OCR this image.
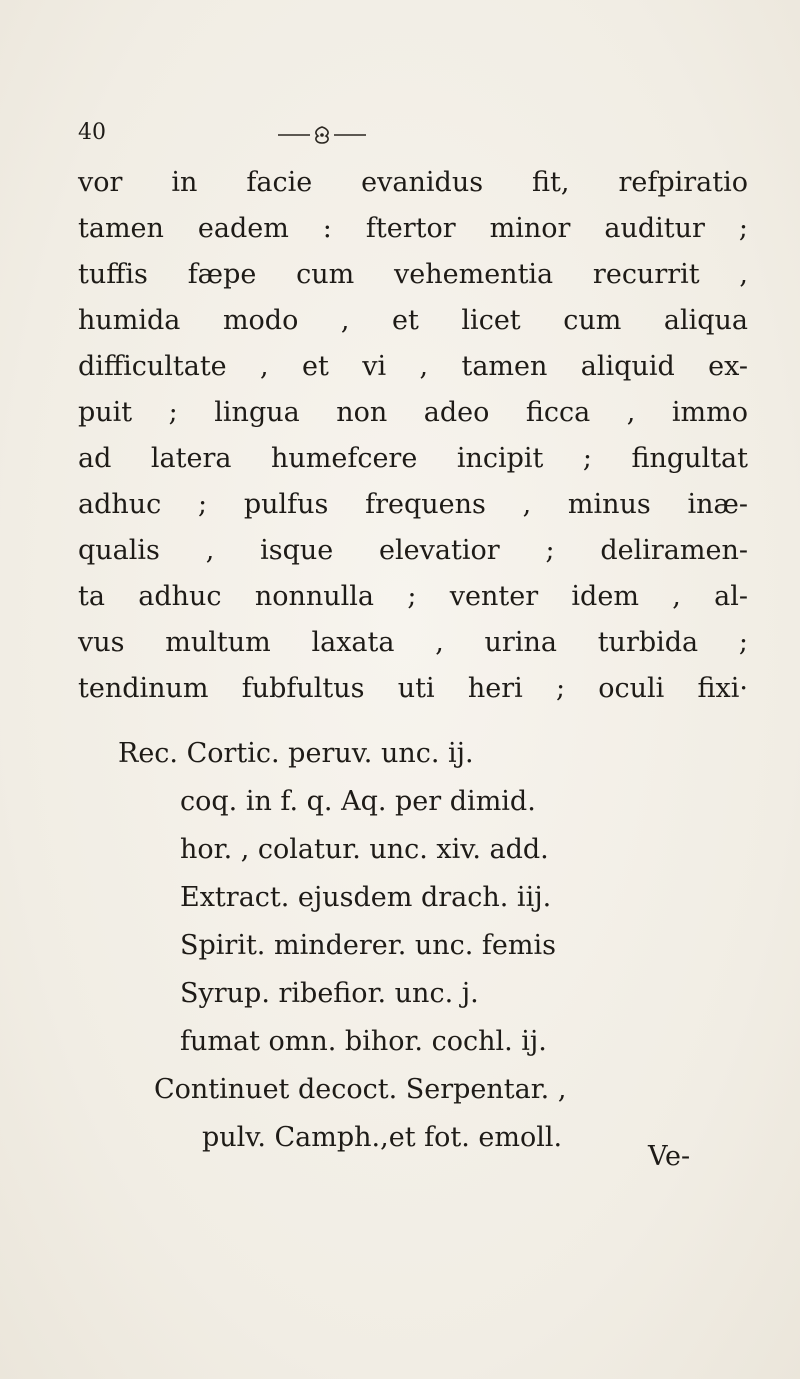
40
vor in facie evanidus fit, refpiratio
tamen eadem : ftertor minor auditur ;
tuffis fæpe cum vehementia recurrit ,
humida modo , et licet cum aliqua
difficultate , et vi , tamen aliquid ex-
puit ; lingua non adeo ficca , immo
ad latera humefcere incipit ; fingultat
adhuc ; pulfus frequens , minus inæ-
qualis , isque elevatior ; deliramen-
ta adhuc nonnulla ; venter idem , al-
vus multum laxata , urina turbida ;
tendinum fubfultus uti heri ; oculi fixi·
Rec. Cortic. peruv. unc. ij.
coq. in f. q. Aq. per dimid.
hor. , colatur. unc. xiv. add.
Extract. ejusdem drach. iij.
Spirit. minderer. unc. femis
Syrup. ribefior. unc. j.
fumat omn. bihor. cochl. ij.
Continuet decoct. Serpentar. ,
pulv. Camph.,et fot. emoll.
Ve-
